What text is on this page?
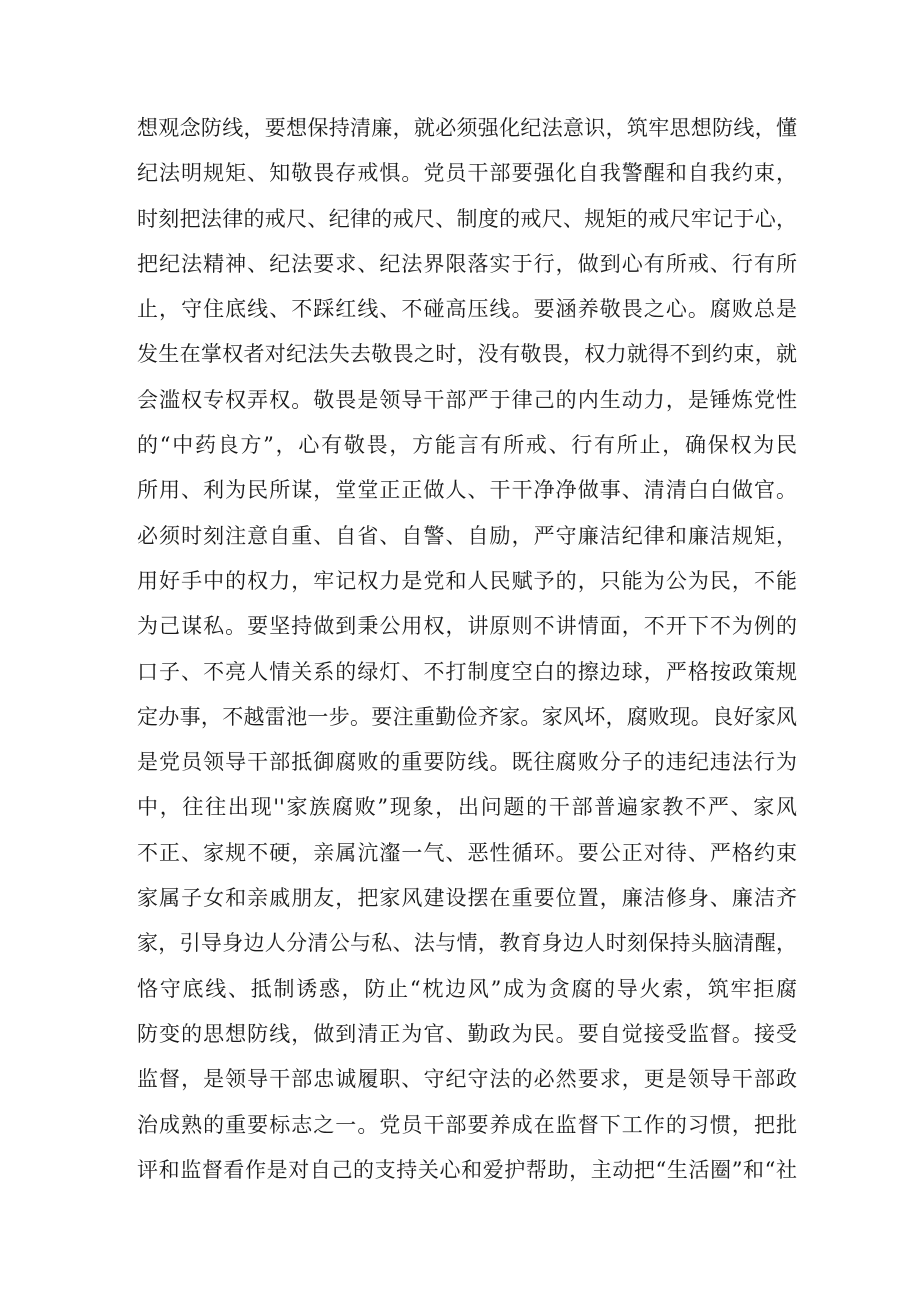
想观念防线，要想保持清廉，就必须强化纪法意识，筑牢思想防线，懂
纪法明规矩、知敬畏存戒惧。党员干部要强化自我警醒和自我约束，
时刻把法律的戒尺、纪律的戒尺、制度的戒尺、规矩的戒尺牢记于心，
把纪法精神、纪法要求、纪法界限落实于行，做到心有所戒、行有所
止，守住底线、不踩红线、不碰高压线。要涵养敬畏之心。腐败总是
发生在掌权者对纪法失去敬畏之时，没有敬畏，权力就得不到约束，就
会滥权专权弄权。敬畏是领导干部严于律己的内生动力，是锤炼党性
的“中药良方”，心有敬畏，方能言有所戒、行有所止，确保权为民
所用、利为民所谋，堂堂正正做人、干干净净做事、清清白白做官。
必须时刻注意自重、自省、自警、自励，严守廉洁纪律和廉洁规矩，
用好手中的权力，牢记权力是党和人民赋予的，只能为公为民，不能
为己谋私。要坚持做到秉公用权，讲原则不讲情面，不开下不为例的
口子、不亮人情关系的绿灯、不打制度空白的擦边球，严格按政策规
定办事，不越雷池一步。要注重勤俭齐家。家风坏，腐败现。良好家风
是党员领导干部抵御腐败的重要防线。既往腐败分子的违纪违法行为
中，往往出现''家族腐败”现象，出问题的干部普遍家教不严、家风
不正、家规不硬，亲属沆瀣一气、恶性循环。要公正对待、严格约束
家属子女和亲戚朋友，把家风建设摆在重要位置，廉洁修身、廉洁齐
家，引导身边人分清公与私、法与情，教育身边人时刻保持头脑清醒，
恪守底线、抵制诱惑，防止“枕边风”成为贪腐的导火索，筑牢拒腐
防变的思想防线，做到清正为官、勤政为民。要自觉接受监督。接受
监督，是领导干部忠诚履职、守纪守法的必然要求，更是领导干部政
治成熟的重要标志之一。党员干部要养成在监督下工作的习惯，把批
评和监督看作是对自己的支持关心和爱护帮助，主动把“生活圈”和“社
